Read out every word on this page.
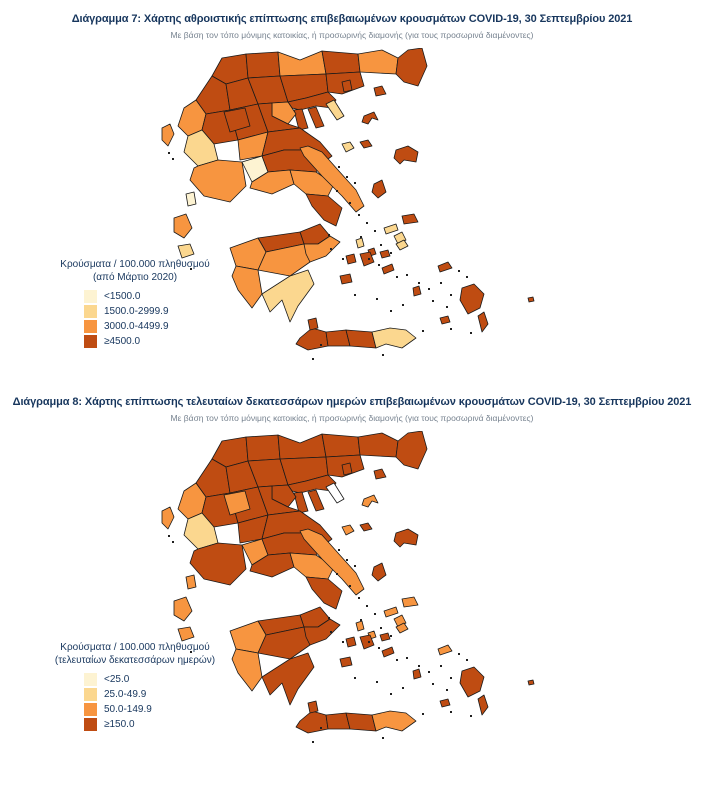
Διάγραμμα 7: Χάρτης αθροιστικής επίπτωσης επιβεβαιωμένων κρουσμάτων COVID-19, 30 Σεπτεμβρίου 2021
Με βάση τον τόπο μόνιμης κατοικίας, ή προσωρινής διαμονής (για τους προσωρινά διαμένοντες)
Κρούσματα / 100.000 πληθυσμού
(από Μάρτιο 2020)
<1500.0
1500.0-2999.9
3000.0-4499.9
≥4500.0
Διάγραμμα 8: Χάρτης επίπτωσης τελευταίων δεκατεσσάρων ημερών επιβεβαιωμένων κρουσμάτων COVID-19, 30 Σεπτεμβρίου 2021
Με βάση τον τόπο μόνιμης κατοικίας, ή προσωρινής διαμονής (για τους προσωρινά διαμένοντες)
Κρούσματα / 100.000 πληθυσμού
(τελευταίων δεκατεσσάρων ημερών)
<25.0
25.0-49.9
50.0-149.9
≥150.0
